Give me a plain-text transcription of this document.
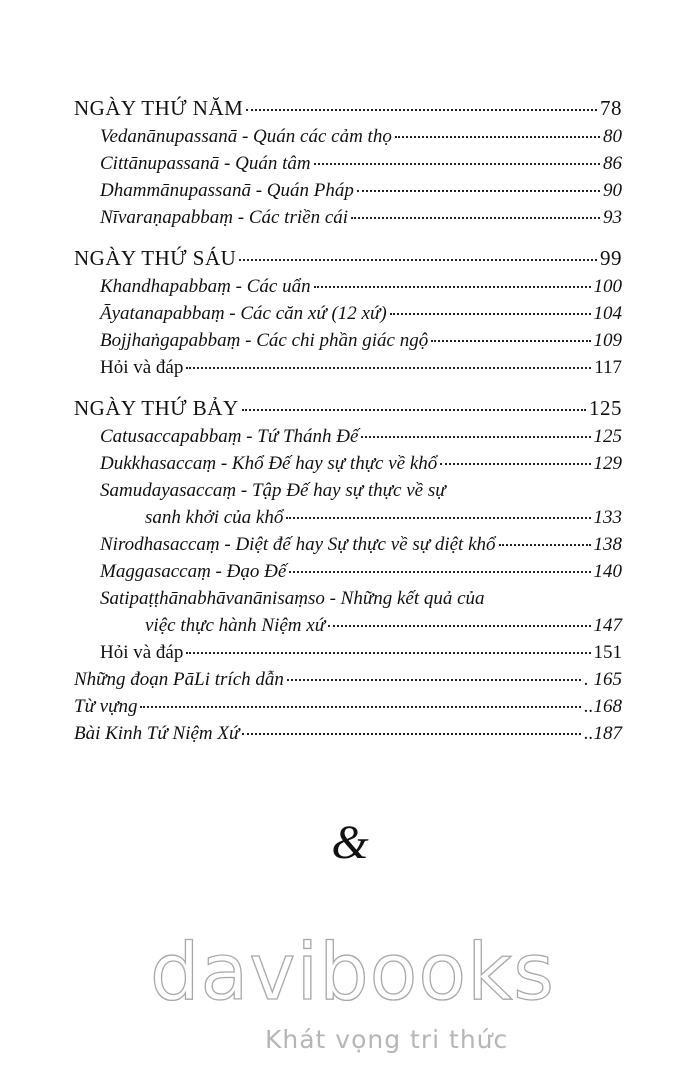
NGÀY THỨ NĂM	78
Vedanānupassanā - Quán các cảm thọ	80
Cittānupassanā - Quán tâm	86
Dhammānupassanā - Quán Pháp	90
Nīvaraṇapabbaṃ - Các triền cái	93
NGÀY THỨ SÁU	99
Khandhapabbaṃ - Các uẩn	100
Āyatanapabbaṃ - Các căn xứ (12 xứ)	104
Bojjhaṅgapabbaṃ - Các chi phần giác ngộ	109
Hỏi và đáp	117
NGÀY THỨ BẢY	125
Catusaccapabbaṃ - Tứ Thánh Đế	125
Dukkhasaccaṃ - Khổ Đế hay sự thực về khổ	129
Samudayasaccaṃ - Tập Đế hay sự thực về sự
sanh khởi của khổ	133
Nirodhasaccaṃ - Diệt đế hay Sự thực về sự diệt khổ	138
Maggasaccaṃ - Đạo Đế	140
Satipaṭṭhānabhāvanānisaṃso - Những kết quả của
việc thực hành Niệm xứ	147
Hỏi và đáp	151
Những đoạn PāLi trích dẫn	. 165
Từ vựng	..168
Bài Kinh Tứ Niệm Xứ	..187
&
davibooks
Khát vọng tri thức
